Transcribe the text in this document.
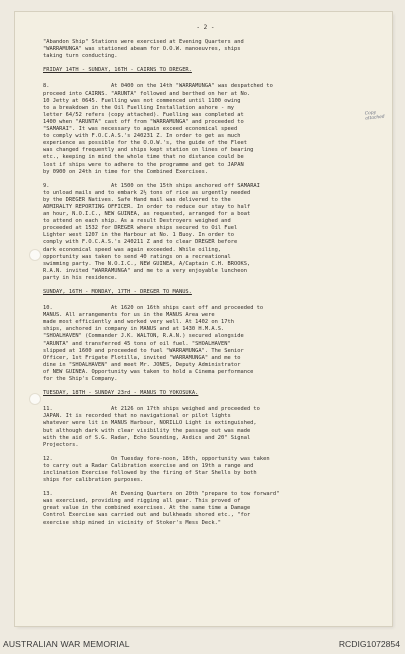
Copy attached
- 2 -
"Abandon Ship" Stations were exercised at Evening Quarters and
"WARRAMUNGA" was stationed abeam for O.O.W. manoeuvres, ships
taking turn conducting.
FRIDAY 14TH - SUNDAY, 16TH - CAIRNS TO DREGER.
8.	At 0400 on the 14th "WARRAMUNGA" was despatched to
proceed into CAIRNS. "ARUNTA" followed and berthed on her at No.
10 Jetty at 0645. Fuelling was not commenced until 1100 owing
to a breakdown in the Oil Fuelling Installation ashore - my
letter 64/52 refers (copy attached). Fuelling was completed at
1400 when "ARUNTA" cast off from "WARRAMUNGA" and proceeded to
"SAMARAI". It was necessary to again exceed economical speed
to comply with F.O.C.A.S.'s 240231 Z. In order to get as much
experience as possible for the O.O.W.'s, the guide of the Fleet
was changed frequently and ships kept station on lines of bearing
etc., keeping in mind the whole time that no distance could be
lost if ships were to adhere to the programme and get to JAPAN
by 0900 on 24th in time for the Combined Exercises.
9.	At 1500 on the 15th ships anchored off SAMARAI
to unload mails and to embark 2½ tons of rice as urgently needed
by the DREGER Natives. Safe Hand mail was delivered to the
ADMIRALTY REPORTING OFFICER. In order to reduce our stay to half
an hour, N.O.I.C., NEW GUINEA, as requested, arranged for a boat
to attend on each ship. As a result Destroyers weighed and
proceeded at 1532 for DREGER where ships secured to Oil Fuel
Lighter west 1207 in the Harbour at No. 1 Buoy. In order to
comply with F.O.C.A.S.'s 240211 Z and to clear DREGER before
dark economical speed was again exceeded. While oiling,
opportunity was taken to send 40 ratings on a recreational
swimming party. The N.O.I.C., NEW GUINEA, A/Captain C.H. BROOKS,
R.A.N. invited "WARRAMUNGA" and me to a very enjoyable luncheon
party in his residence.
SUNDAY, 16TH - MONDAY, 17TH - DREGER TO MANUS.
10.	At 1620 on 16th ships cast off and proceeded to
MANUS. All arrangements for us in the MANUS Area were
made most efficiently and worked very well. At 1402 on 17th
ships, anchored in company in MANUS and at 1430 H.M.A.S.
"SHOALHAVEN" (Commander J.K. WALTON, R.A.N.) secured alongside
"ARUNTA" and transferred 45 tons of oil fuel. "SHOALHAVEN"
slipped at 1600 and proceeded to fuel "WARRAMUNGA". The Senior
Officer, 1st Frigate Flotilla, invited "WARRAMUNGA" and me to
dine in "SHOALHAVEN" and meet Mr. JONES, Deputy Administrator
of NEW GUINEA. Opportunity was taken to hold a Cinema performance
for the Ship's Company.
TUESDAY, 18TH - SUNDAY 23rd - MANUS TO YOKOSUKA.
11.	At 2126 on 17th ships weighed and proceeded to
JAPAN. It is recorded that no navigational or pilot lights
whatever were lit in MANUS Harbour, NORILLO Light is extinguished,
but although dark with clear visibility the passage out was made
with the aid of S.G. Radar, Echo Sounding, Asdics and 20" Signal
Projectors.
12.	On Tuesday fore-noon, 18th, opportunity was taken
to carry out a Radar Calibration exercise and on 19th a range and
inclination Exercise followed by the firing of Star Shells by both
ships for calibration purposes.
13.	At Evening Quarters on 20th "prepare to tow forward"
was exercised, providing and rigging all gear. This proved of
great value in the combined exercises. At the same time a Damage
Control Exercise was carried out and bulkheads shored etc., "for
exercise ship mined in vicinity of Stoker's Mess Deck."
AUSTRALIAN WAR MEMORIAL	RCDIG1072854
